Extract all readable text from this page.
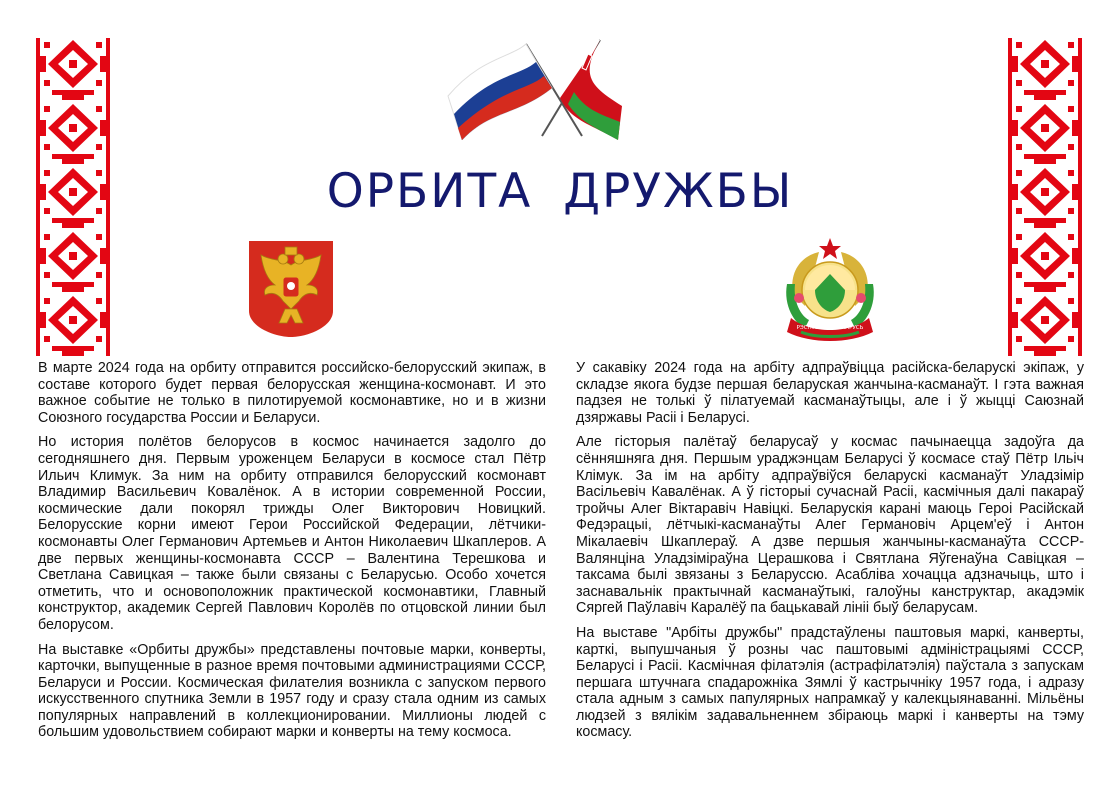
ОРБИТА ДРУЖБЫ
РЭСПУБЛІКА БЕЛАРУСЬ

В марте 2024 года на орбиту отправится российско-белорусский экипаж, в составе которого будет первая белорусская женщина-космонавт. И это важное событие не только в пилотируемой космонавтике, но и в жизни Союзного государства России и Беларуси.

Но история полётов белорусов в космос начинается задолго до сегодняшнего дня. Первым уроженцем Беларуси в космосе стал Пётр Ильич Климук. За ним на орбиту отправился белорусский космонавт Владимир Васильевич Ковалёнок. А в истории современной России, космические дали покорял трижды Олег Викторович Новицкий. Белорусские корни имеют Герои Российской Федерации, лётчики-космонавты Олег Германович Артемьев и Антон Николаевич Шкаплеров. А две первых женщины-космонавта СССР – Валентина Терешкова и Светлана Савицкая – также были связаны с Беларусью. Особо хочется отметить, что и основоположник практической космонавтики, Главный конструктор, академик Сергей Павлович Королёв по отцовской линии был белорусом.

На выставке «Орбиты дружбы» представлены почтовые марки, конверты, карточки, выпущенные в разное время почтовыми администрациями СССР, Беларуси и России. Космическая филателия возникла с запуском первого искусственного спутника Земли в 1957 году и сразу стала одним из самых популярных направлений в коллекционировании. Миллионы людей с большим удовольствием собирают марки и конверты на тему космоса.

У сакавіку 2024 года на арбіту адпраўвіцца расійска-беларускі экіпаж, у складзе якога будзе першая беларуская жанчына-касманаўт. І гэта важная падзея не толькі ў пілатуемай касманаўтыцы, але і ў жыцці Саюзнай дзяржавы Расіі і Беларусі.

Але гісторыя палётаў беларусаў у космас пачынаецца задоўга да сённяшняга дня. Першым ураджэнцам Беларусі ў космасе стаў Пётр Ільіч Клімук. За ім на арбіту адпраўвіўся беларускі касманаўт Уладзімір Васільевіч Кавалёнак. А ў гісторыі сучаснай Расіі, касмічныя далі пакараў тройчы Алег Віктаравіч Навіцкі. Беларускія карані маюць Героі Расійскай Федэрацыі, лётчыкі-касманаўты Алег Германовіч Арцем'еў і Антон Мікалаевіч Шкаплераў. А дзве першыя жанчыны-касманаўта СССР-Валянціна Уладзіміраўна Церашкова і Святлана Яўгенаўна Савіцкая – таксама былі звязаны з Беларуссю. Асабліва хочацца адзначыць, што і заснавальнік практычнай касманаўтыкі, галоўны канструктар, акадэмік Сяргей Паўлавіч Каралёў па бацькавай лініі быў беларусам.

На выставе "Арбіты дружбы" прадстаўлены паштовыя маркі, канверты, карткі, выпушчаныя ў розны час паштовымі адміністрацыямі СССР, Беларусі і Расіі. Касмічная філатэлія (астрафілатэлія) паўстала з запускам першага штучнага спадарожніка Зямлі ў кастрычніку 1957 года, і адразу стала адным з самых папулярных напрамкаў у калекцыянаванні. Мільёны людзей з вялікім задавальненнем збіраюць маркі і канверты на тэму космасу.
